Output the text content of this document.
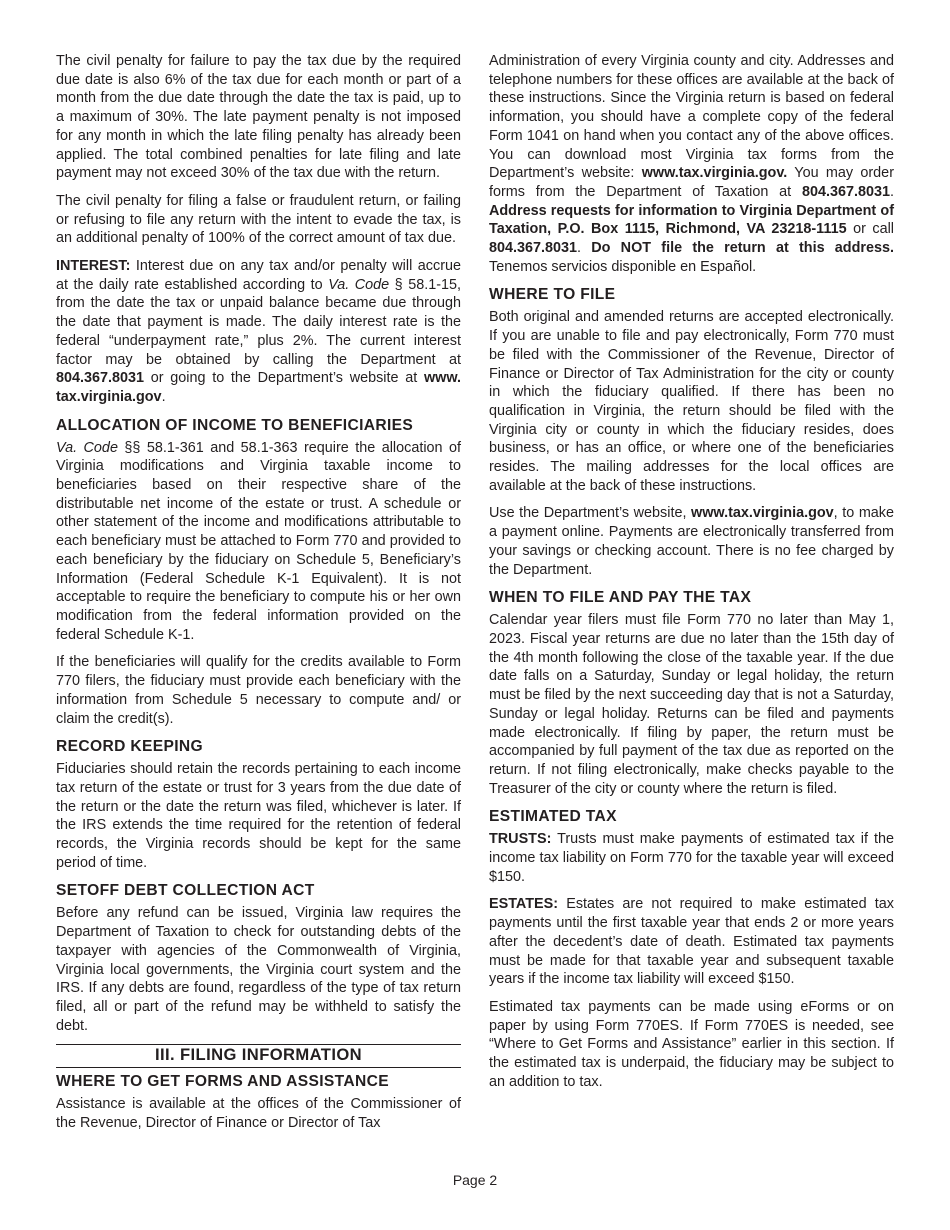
The civil penalty for failure to pay the tax due by the required due date is also 6% of the tax due for each month or part of a month from the due date through the date the tax is paid, up to a maximum of 30%. The late payment penalty is not imposed for any month in which the late filing penalty has already been applied. The total combined penalties for late filing and late payment may not exceed 30% of the tax due with the return.

The civil penalty for filing a false or fraudulent return, or failing or refusing to file any return with the intent to evade the tax, is an additional penalty of 100% of the correct amount of tax due.

INTEREST: Interest due on any tax and/or penalty will accrue at the daily rate established according to Va. Code § 58.1-15, from the date the tax or unpaid balance became due through the date that payment is made. The daily interest rate is the federal “underpayment rate,” plus 2%. The current interest factor may be obtained by calling the Department at 804.367.8031 or going to the Department’s website at www. tax.virginia.gov.

ALLOCATION OF INCOME TO BENEFICIARIES

Va. Code §§ 58.1-361 and 58.1-363 require the allocation of Virginia modifications and Virginia taxable income to beneficiaries based on their respective share of the distributable net income of the estate or trust. A schedule or other statement of the income and modifications attributable to each beneficiary must be attached to Form 770 and provided to each beneficiary by the fiduciary on Schedule 5, Beneficiary’s Information (Federal Schedule K-1 Equivalent). It is not acceptable to require the beneficiary to compute his or her own modification from the federal information provided on the federal Schedule K-1.

If the beneficiaries will qualify for the credits available to Form 770 filers, the fiduciary must provide each beneficiary with the information from Schedule 5 necessary to compute and/ or claim the credit(s).

RECORD KEEPING

Fiduciaries should retain the records pertaining to each income tax return of the estate or trust for 3 years from the due date of the return or the date the return was filed, whichever is later. If the IRS extends the time required for the retention of federal records, the Virginia records should be kept for the same period of time.

SETOFF DEBT COLLECTION ACT

Before any refund can be issued, Virginia law requires the Department of Taxation to check for outstanding debts of the taxpayer with agencies of the Commonwealth of Virginia, Virginia local governments, the Virginia court system and the IRS. If any debts are found, regardless of the type of tax return filed, all or part of the refund may be withheld to satisfy the debt.

III. FILING INFORMATION
WHERE TO GET FORMS AND ASSISTANCE

Assistance is available at the offices of the Commissioner of the Revenue, Director of Finance or Director of Tax

Administration of every Virginia county and city. Addresses and telephone numbers for these offices are available at the back of these instructions. Since the Virginia return is based on federal information, you should have a complete copy of the federal Form 1041 on hand when you contact any of the above offices. You can download most Virginia tax forms from the Department’s website: www.tax.virginia.gov. You may order forms from the Department of Taxation at 804.367.8031. Address requests for information to Virginia Department of Taxation, P.O. Box 1115, Richmond, VA 23218-1115 or call 804.367.8031. Do NOT file the return at this address. Tenemos servicios disponible en Español.

WHERE TO FILE

Both original and amended returns are accepted electronically. If you are unable to file and pay electronically, Form 770 must be filed with the Commissioner of the Revenue, Director of Finance or Director of Tax Administration for the city or county in which the fiduciary qualified. If there has been no qualification in Virginia, the return should be filed with the Virginia city or county in which the fiduciary resides, does business, or has an office, or where one of the beneficiaries resides. The mailing addresses for the local offices are available at the back of these instructions.

Use the Department’s website, www.tax.virginia.gov, to make a payment online. Payments are electronically transferred from your savings or checking account. There is no fee charged by the Department.

WHEN TO FILE AND PAY THE TAX

Calendar year filers must file Form 770 no later than May 1, 2023. Fiscal year returns are due no later than the 15th day of the 4th month following the close of the taxable year. If the due date falls on a Saturday, Sunday or legal holiday, the return must be filed by the next succeeding day that is not a Saturday, Sunday or legal holiday. Returns can be filed and payments made electronically. If filing by paper, the return must be accompanied by full payment of the tax due as reported on the return. If not filing electronically, make checks payable to the Treasurer of the city or county where the return is filed.

ESTIMATED TAX

TRUSTS: Trusts must make payments of estimated tax if the income tax liability on Form 770 for the taxable year will exceed $150.

ESTATES: Estates are not required to make estimated tax payments until the first taxable year that ends 2 or more years after the decedent’s date of death. Estimated tax payments must be made for that taxable year and subsequent taxable years if the income tax liability will exceed $150.

Estimated tax payments can be made using eForms or on paper by using Form 770ES. If Form 770ES is needed, see “Where to Get Forms and Assistance” earlier in this section. If the estimated tax is underpaid, the fiduciary may be subject to an addition to tax.

Page 2
